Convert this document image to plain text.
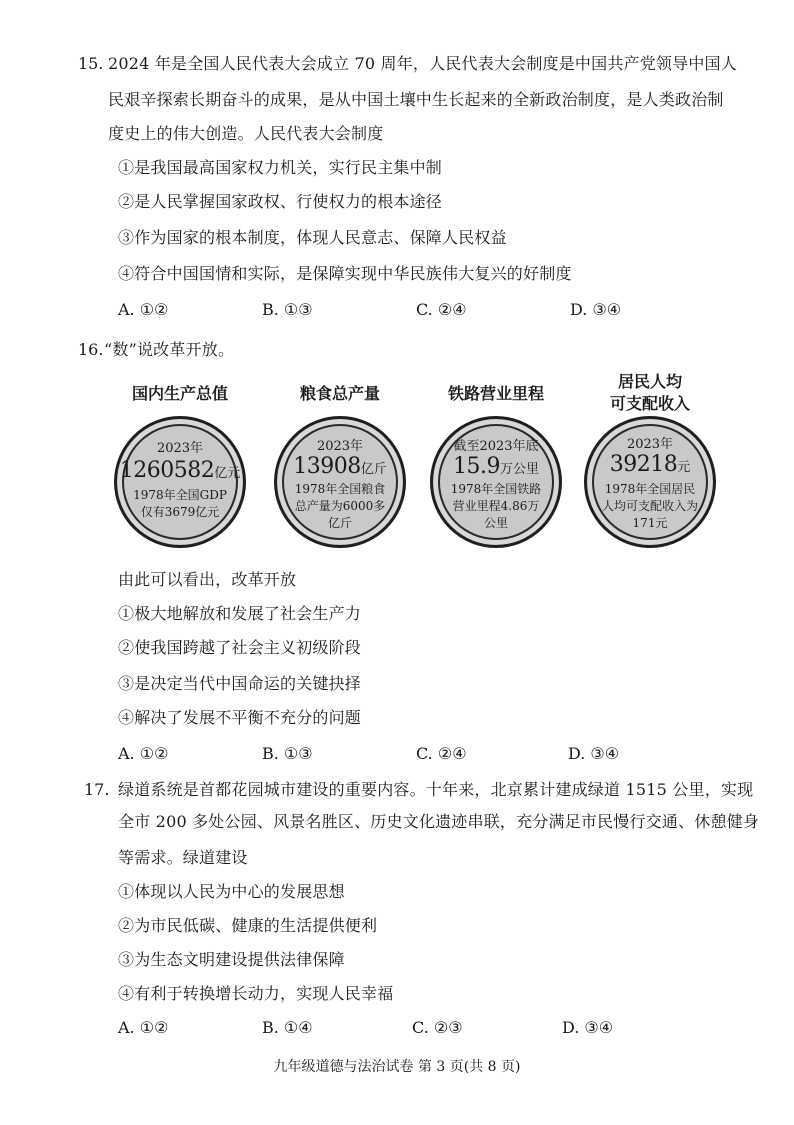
15. 2024 年是全国人民代表大会成立 70 周年，人民代表大会制度是中国共产党领导中国人
民艰辛探索长期奋斗的成果，是从中国土壤中生长起来的全新政治制度，是人类政治制
度史上的伟大创造。人民代表大会制度
①是我国最高国家权力机关，实行民主集中制
②是人民掌握国家政权、行使权力的根本途径
③作为国家的根本制度，体现人民意志、保障人民权益
④符合中国国情和实际，是保障实现中华民族伟大复兴的好制度
A. ①②	B. ①③	C. ②④	D. ③④
16. “数”说改革开放。
国内生产总值	粮食总产量	铁路营业里程
居民人均
可支配收入
2023年
1260582亿元
1978年全国GDP仅有3679亿元
2023年
13908亿斤
1978年全国粮食总产量为6000多亿斤
截至2023年底
15.9万公里
1978年全国铁路营业里程4.86万公里
2023年
39218元
1978年全国居民人均可支配收入为171元
由此可以看出，改革开放
①极大地解放和发展了社会生产力
②使我国跨越了社会主义初级阶段
③是决定当代中国命运的关键抉择
④解决了发展不平衡不充分的问题
A. ①②	B. ①③	C. ②④	D. ③④
17. 绿道系统是首都花园城市建设的重要内容。十年来，北京累计建成绿道 1515 公里，实现
全市 200 多处公园、风景名胜区、历史文化遗迹串联，充分满足市民慢行交通、休憩健身
等需求。绿道建设
①体现以人民为中心的发展思想
②为市民低碳、健康的生活提供便利
③为生态文明建设提供法律保障
④有利于转换增长动力，实现人民幸福
A. ①②	B. ①④	C. ②③	D. ③④
九年级道德与法治试卷 第 3 页(共 8 页)
